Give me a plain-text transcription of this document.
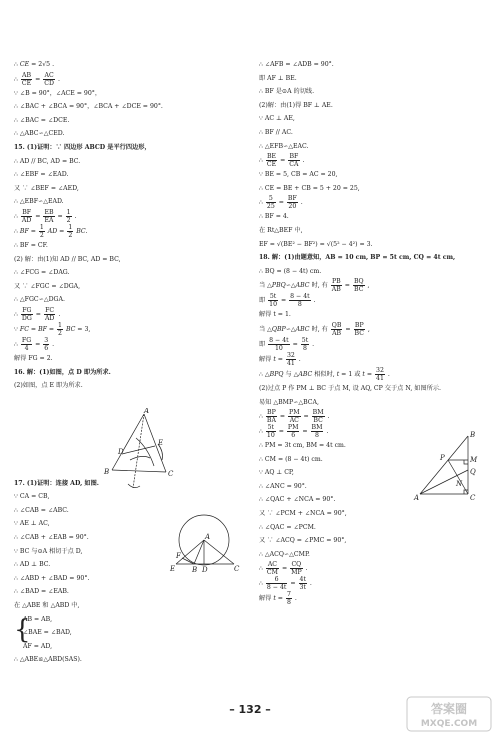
∴ CE = 2√5 .
∴ $\frac{AB}{CE} = \frac{AC}{CD}$ .
∵ ∠B = 90°，∠ACE = 90°，
∴ ∠BAC + ∠BCA = 90°，∠BCA + ∠DCE = 90°.
∴ ∠BAC = ∠DCE.
∴ △ABC∽△CED.
15. (1)证明：∵ 四边形 ABCD 是平行四边形，
∴ AD // BC, AD = BC.
∴ ∠EBF = ∠EAD.
又 ∵ ∠BEF = ∠AED,
∴ △EBF∽△EAD.
∴ $\frac{BF}{AD} = \frac{EB}{EA} = \frac{1}{2}$ .
∴ BF = $\frac{1}{2}$ AD = $\frac{1}{2}$ BC.
∴ BF = CF.
(2) 解：由(1)知 AD // BC, AD = BC,
∴ ∠FCG = ∠DAG.
又 ∵ ∠FGC = ∠DGA,
∴ △FGC∽△DGA.
∴ $\frac{FG}{DG} = \frac{FC}{AD}$ .
∵ FC = BF = $\frac{1}{2}$ BC = 3,
∴ $\frac{FG}{4} = \frac{3}{6}$ .
解得 FG = 2.
16. 解：(1)如图，点 D 即为所求.
(2)如图，点 E 即为所求.
17. (1)证明：连接 AD, 如图.
∵ CA = CB,
∴ ∠CAB = ∠ABC.
∵ AE ⊥ AC,
∴ ∠CAB + ∠EAB = 90°.
∵ BC 与⊙A 相切于点 D,
∴ AD ⊥ BC.
∴ ∠ABD + ∠BAD = 90°.
∴ ∠BAD = ∠EAB.
在 △ABE 和 △ABD 中,
{
AB = AB,
∠BAE = ∠BAD,
AF = AD,
∴ △ABE≌△ABD(SAS).
A
E
D
B	C
F
E B D
A
C
∴ ∠AFB = ∠ADB = 90°.
即 AF ⊥ BE.
∴ BF 是⊙A 的切线.
(2)解：由(1)得 BF ⊥ AE.
∵ AC ⊥ AE,
∴ BF // AC.
∴ △EFB∽△EAC.
∴ $\frac{BE}{CE} = \frac{BF}{CA}$ .
∵ BE = 5, CB = AC = 20,
∴ CE = BE + CB = 5 + 20 = 25,
∴ $\frac{5}{25} = \frac{BF}{20}$ .
∴ BF = 4.
在 Rt△BEF 中,
EF = √(BE² − BF²) = √(5² − 4²) = 3.
18. 解：(1)由题意知，AB = 10 cm, BP = 5t cm, CQ = 4t cm,
∴ BQ = (8 − 4t) cm.
当 △PBQ∽△ABC 时, 有 $\frac{PB}{AB} = \frac{BQ}{BC}$ ,
即 $\frac{5t}{10} = \frac{8 - 4t}{8}$ .
解得 t = 1.
当 △QBP∽△ABC 时, 有 $\frac{QB}{AB} = \frac{BP}{BC}$ ,
即 $\frac{8 - 4t}{10} = \frac{5t}{8}$ .
解得 $t = \frac{32}{41}$ .
∴ △BPQ 与 △ABC 相似时, t = 1 或 $t = \frac{32}{41}$ .
(2)过点 P 作 PM ⊥ BC 于点 M, 设 AQ, CP 交于点 N, 如图所示.
易知 △BMP∽△BCA,
∴ $\frac{BP}{BA} = \frac{PM}{AC} = \frac{BM}{BC}$ .
∴ $\frac{5t}{10} = \frac{PM}{6} = \frac{BM}{8}$ .
∴ PM = 3t cm, BM = 4t cm.
∴ CM = (8 − 4t) cm.
∵ AQ ⊥ CP,
∴ ∠ANC = 90°.
∴ ∠QAC + ∠NCA = 90°.
又 ∵ ∠PCM + ∠NCA = 90°,
∴ ∠QAC = ∠PCM.
又 ∵ ∠ACQ = ∠PMC = 90°,
∴ △ACQ∽△CMP.
∴ $\frac{AC}{CM} = \frac{CQ}{MP}$ .
∴ $\frac{6}{8 - 4t} = \frac{4t}{3t}$ .
解得 $t = \frac{7}{8}$ .
A
P
B
M
Q
N
C
– 132 –	答案圈
MXQE.COM
